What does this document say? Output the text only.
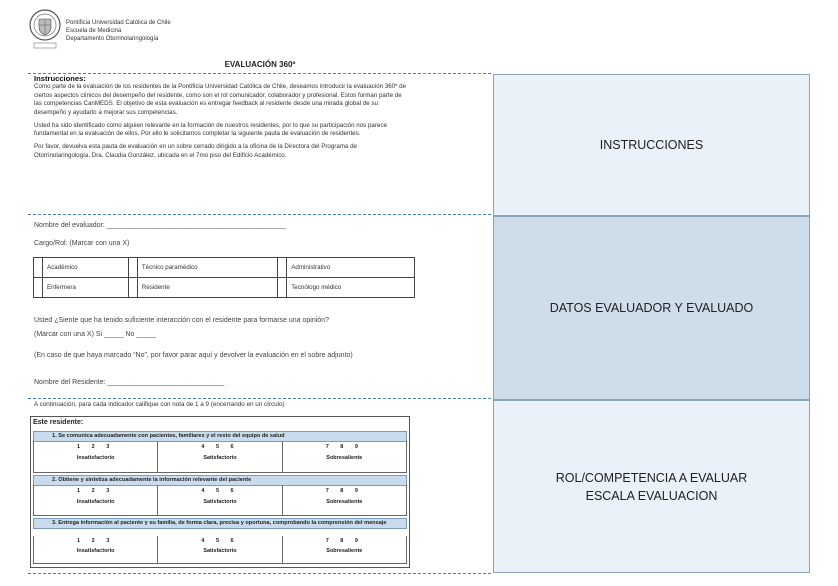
Pontificia Universidad Católica de Chile
Escuela de Medicina
Departamento Otorrinolaringología
EVALUACIÓN 360º
Instrucciones:

Como parte de la evaluación de los residentes de la Pontificia Universidad Católica de Chile, deseamos introducir la evaluación 360º de ciertos aspectos clínicos del desempeño del residente, como son el rol comunicador, colaborador y profesional. Estos forman parte de las competencias CanMEDS. El objetivo de esta evaluación es entregar feedback al residente desde una mirada global de su desempeño y ayudarlo a mejorar sus competencias.

Usted ha sido identificado como alguien relevante en la formación de nuestros residentes, por lo que su participación nos parece fundamental en la evaluación de ellos. Por ello le solicitamos completar la siguiente pauta de evaluación de residentes.

Por favor, devuelva esta pauta de evaluación en un sobre cerrado dirigido a la oficina de la Directora del Programa de Otorrinolaringología, Dra. Claudia González, ubicada en el 7mo piso del Edificio Académico.

Nombre del evaluador: ______________________________________________
Cargo/Rol: (Marcar con una X)
	Académico		Técnico paramédico		Administrativo
	Enfermera		Residente		Tecnólogo médico
Usted ¿Siente que ha tenido suficiente interacción con el residente para formarse una opinión?
(Marcar con una X) Si _____ No _____
(En caso de que haya marcado “No”, por favor parar aquí y devolver la evaluación en el sobre adjunto)
Nombre del Residente: ______________________________
A continuación, para cada indicador califique con nota de 1 a 9 (encerrando en un círculo)
Este residente:
1. Se comunica adecuadamente con pacientes, familiares y el resto del equipo de salud
1 2 3
Insatisfactorio
4 5 6
Satisfactorio
7 8 9
Sobresaliente
2. Obtiene y sintetiza adecuadamente la información relevante del paciente
1 2 3
Insatisfactorio
4 5 6
Satisfactorio
7 8 9
Sobresaliente
3. Entrega información al paciente y su familia, de forma clara, precisa y oportuna, comprobando la comprensión del mensaje
1 2 3
Insatisfactorio
4 5 6
Satisfactorio
7 8 9
Sobresaliente
INSTRUCCIONES
DATOS EVALUADOR Y EVALUADO
ROL/COMPETENCIA A EVALUAR
ESCALA EVALUACION
